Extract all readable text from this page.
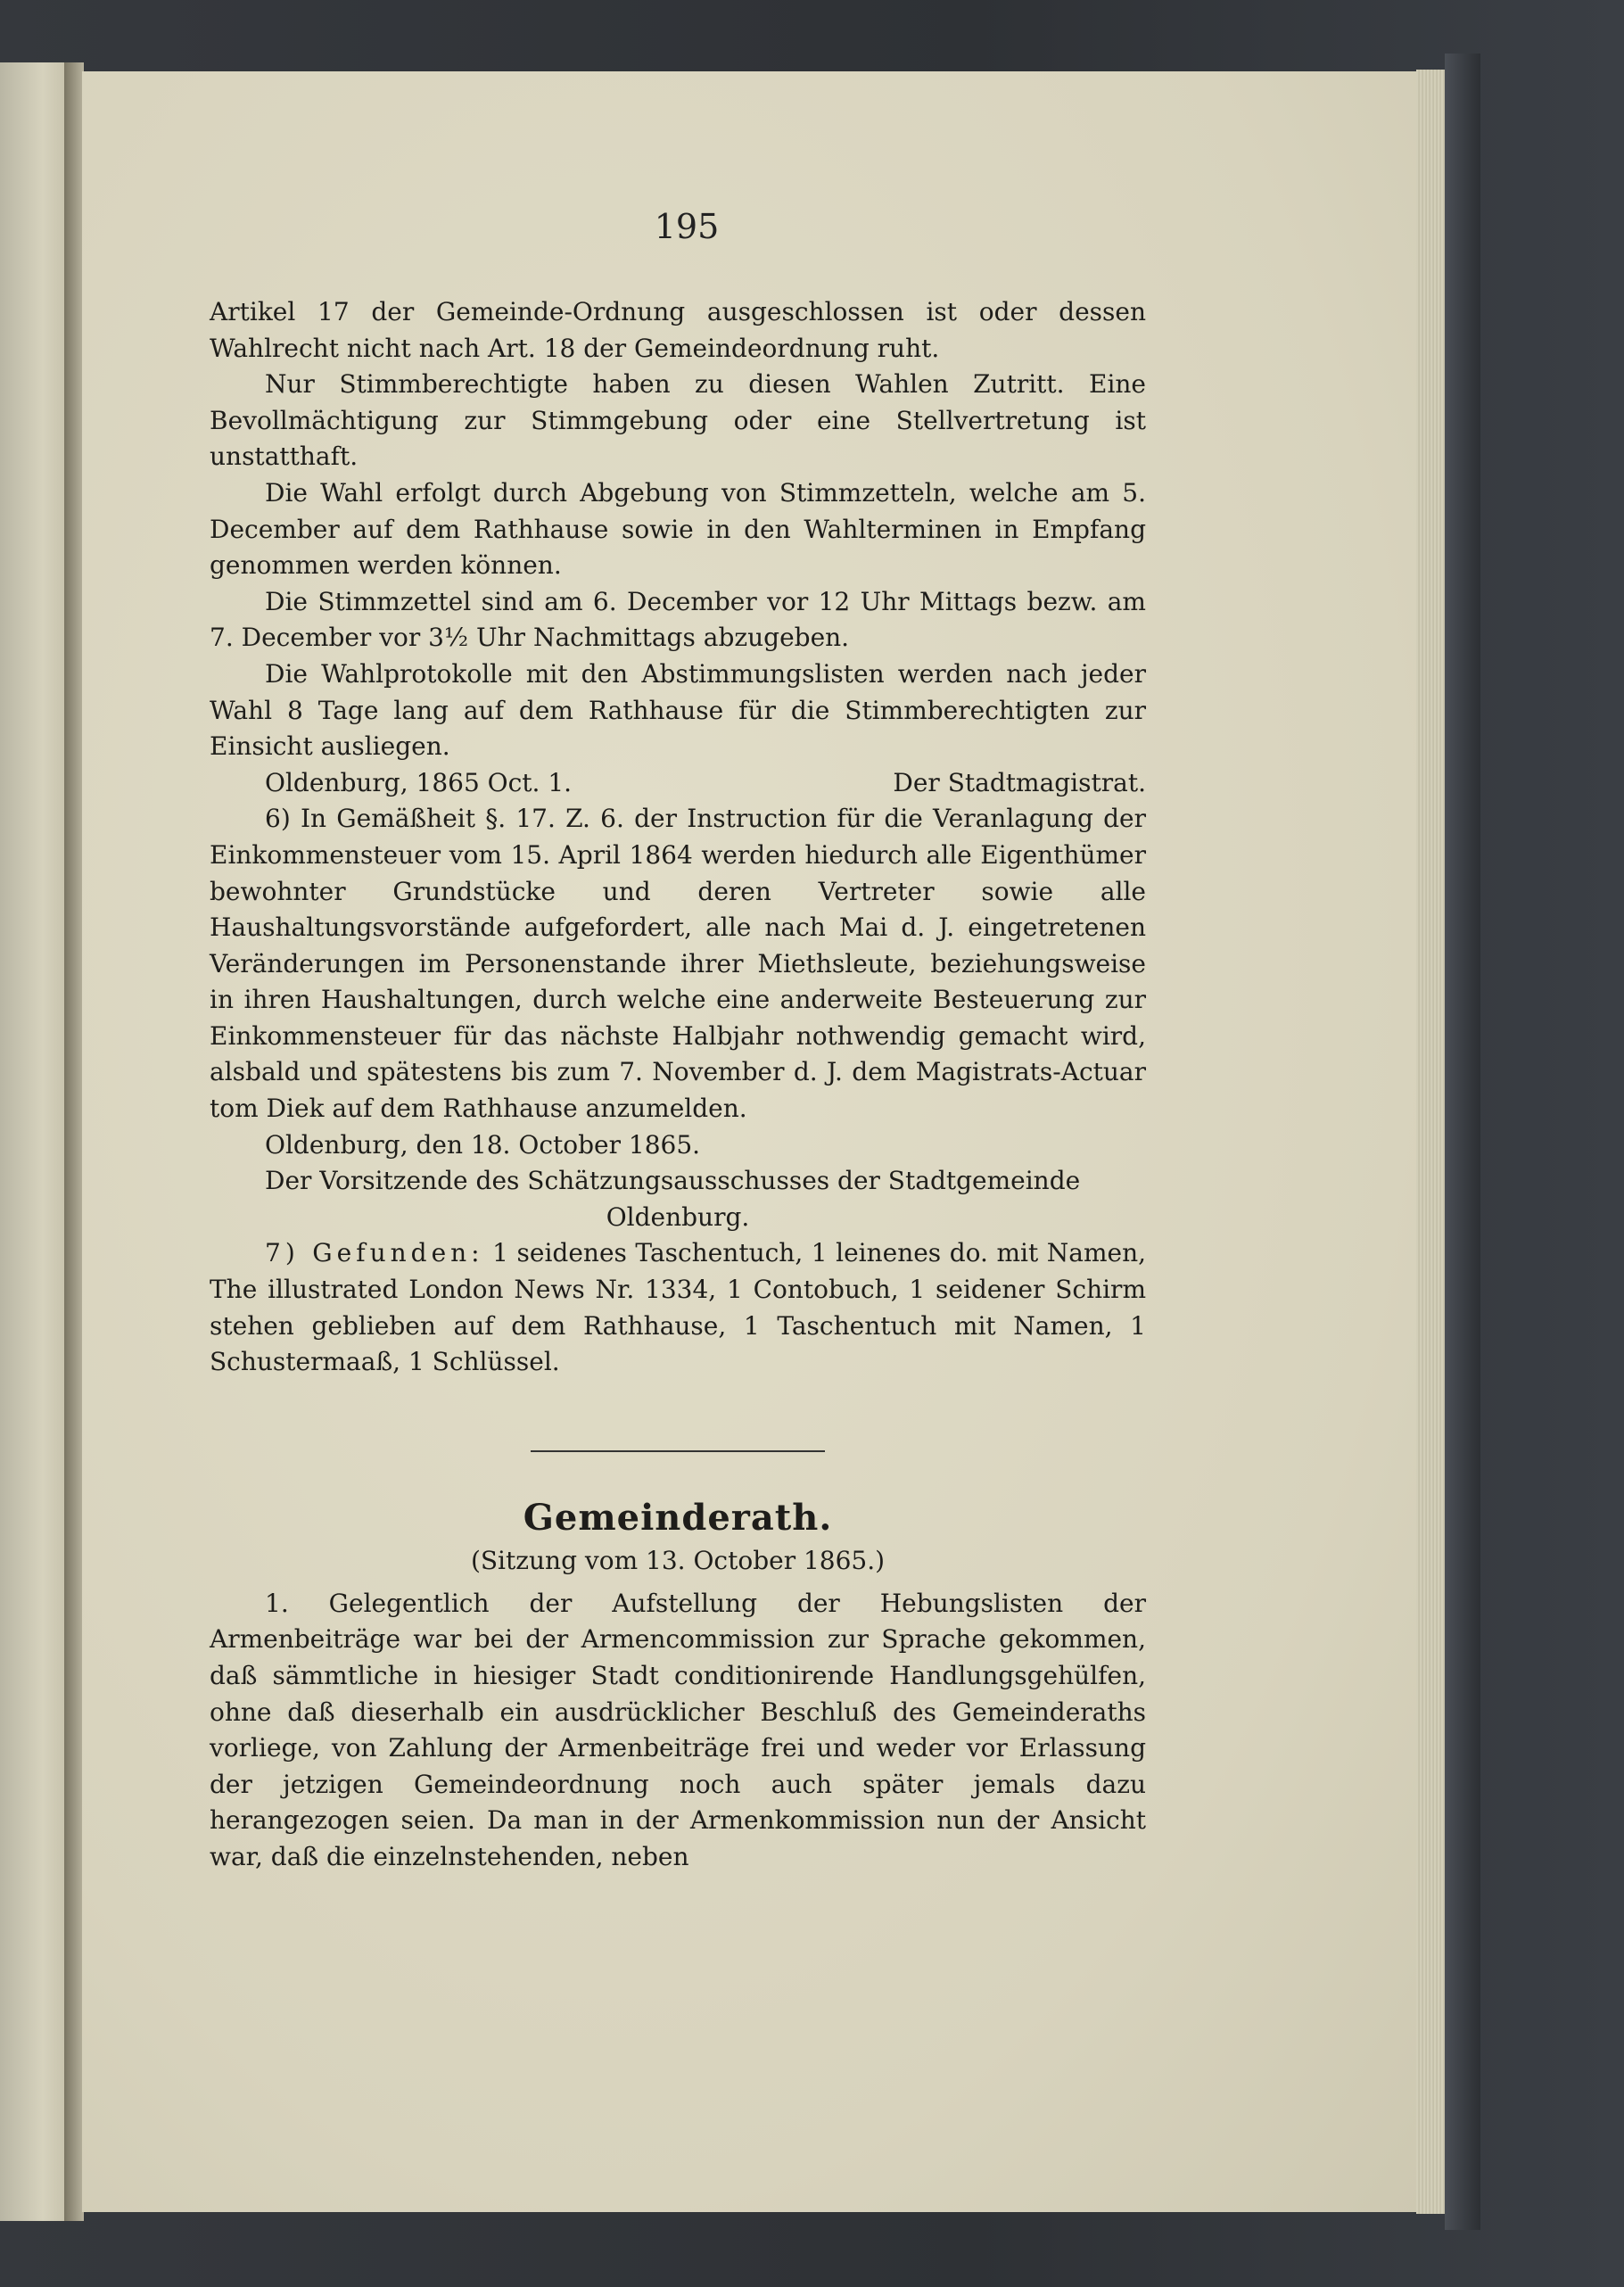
195

Artikel 17 der Gemeinde-Ordnung ausgeschlossen ist oder dessen Wahlrecht nicht nach Art. 18 der Gemeindeordnung ruht.

Nur Stimmberechtigte haben zu diesen Wahlen Zutritt. Eine Bevollmächtigung zur Stimmgebung oder eine Stellvertretung ist unstatthaft.

Die Wahl erfolgt durch Abgebung von Stimmzetteln, welche am 5. December auf dem Rathhause sowie in den Wahlterminen in Empfang genommen werden können.

Die Stimmzettel sind am 6. December vor 12 Uhr Mittags bezw. am 7. December vor 3½ Uhr Nachmittags abzugeben.

Die Wahlprotokolle mit den Abstimmungslisten werden nach jeder Wahl 8 Tage lang auf dem Rathhause für die Stimmberechtigten zur Einsicht ausliegen.

Oldenburg, 1865 Oct. 1.	Der Stadtmagistrat.

6) In Gemäßheit §. 17. Z. 6. der Instruction für die Veranlagung der Einkommensteuer vom 15. April 1864 werden hiedurch alle Eigenthümer bewohnter Grundstücke und deren Vertreter sowie alle Haushaltungsvorstände aufgefordert, alle nach Mai d. J. eingetretenen Veränderungen im Personenstande ihrer Miethsleute, beziehungsweise in ihren Haushaltungen, durch welche eine anderweite Besteuerung zur Einkommensteuer für das nächste Halbjahr nothwendig gemacht wird, alsbald und spätestens bis zum 7. November d. J. dem Magistrats-Actuar tom Diek auf dem Rathhause anzumelden.

Oldenburg, den 18. October 1865.

Der Vorsitzende des Schätzungsausschusses der Stadtgemeinde

Oldenburg.

7) Gefunden: 1 seidenes Taschentuch, 1 leinenes do. mit Namen, The illustrated London News Nr. 1334, 1 Contobuch, 1 seidener Schirm stehen geblieben auf dem Rathhause, 1 Taschentuch mit Namen, 1 Schustermaaß, 1 Schlüssel.

Gemeinderath.
(Sitzung vom 13. October 1865.)

1. Gelegentlich der Aufstellung der Hebungslisten der Armenbeiträge war bei der Armencommission zur Sprache gekommen, daß sämmtliche in hiesiger Stadt conditionirende Handlungsgehülfen, ohne daß dieserhalb ein ausdrücklicher Beschluß des Gemeinderaths vorliege, von Zahlung der Armenbeiträge frei und weder vor Erlassung der jetzigen Gemeindeordnung noch auch später jemals dazu herangezogen seien. Da man in der Armenkommission nun der Ansicht war, daß die einzelnstehenden, neben
